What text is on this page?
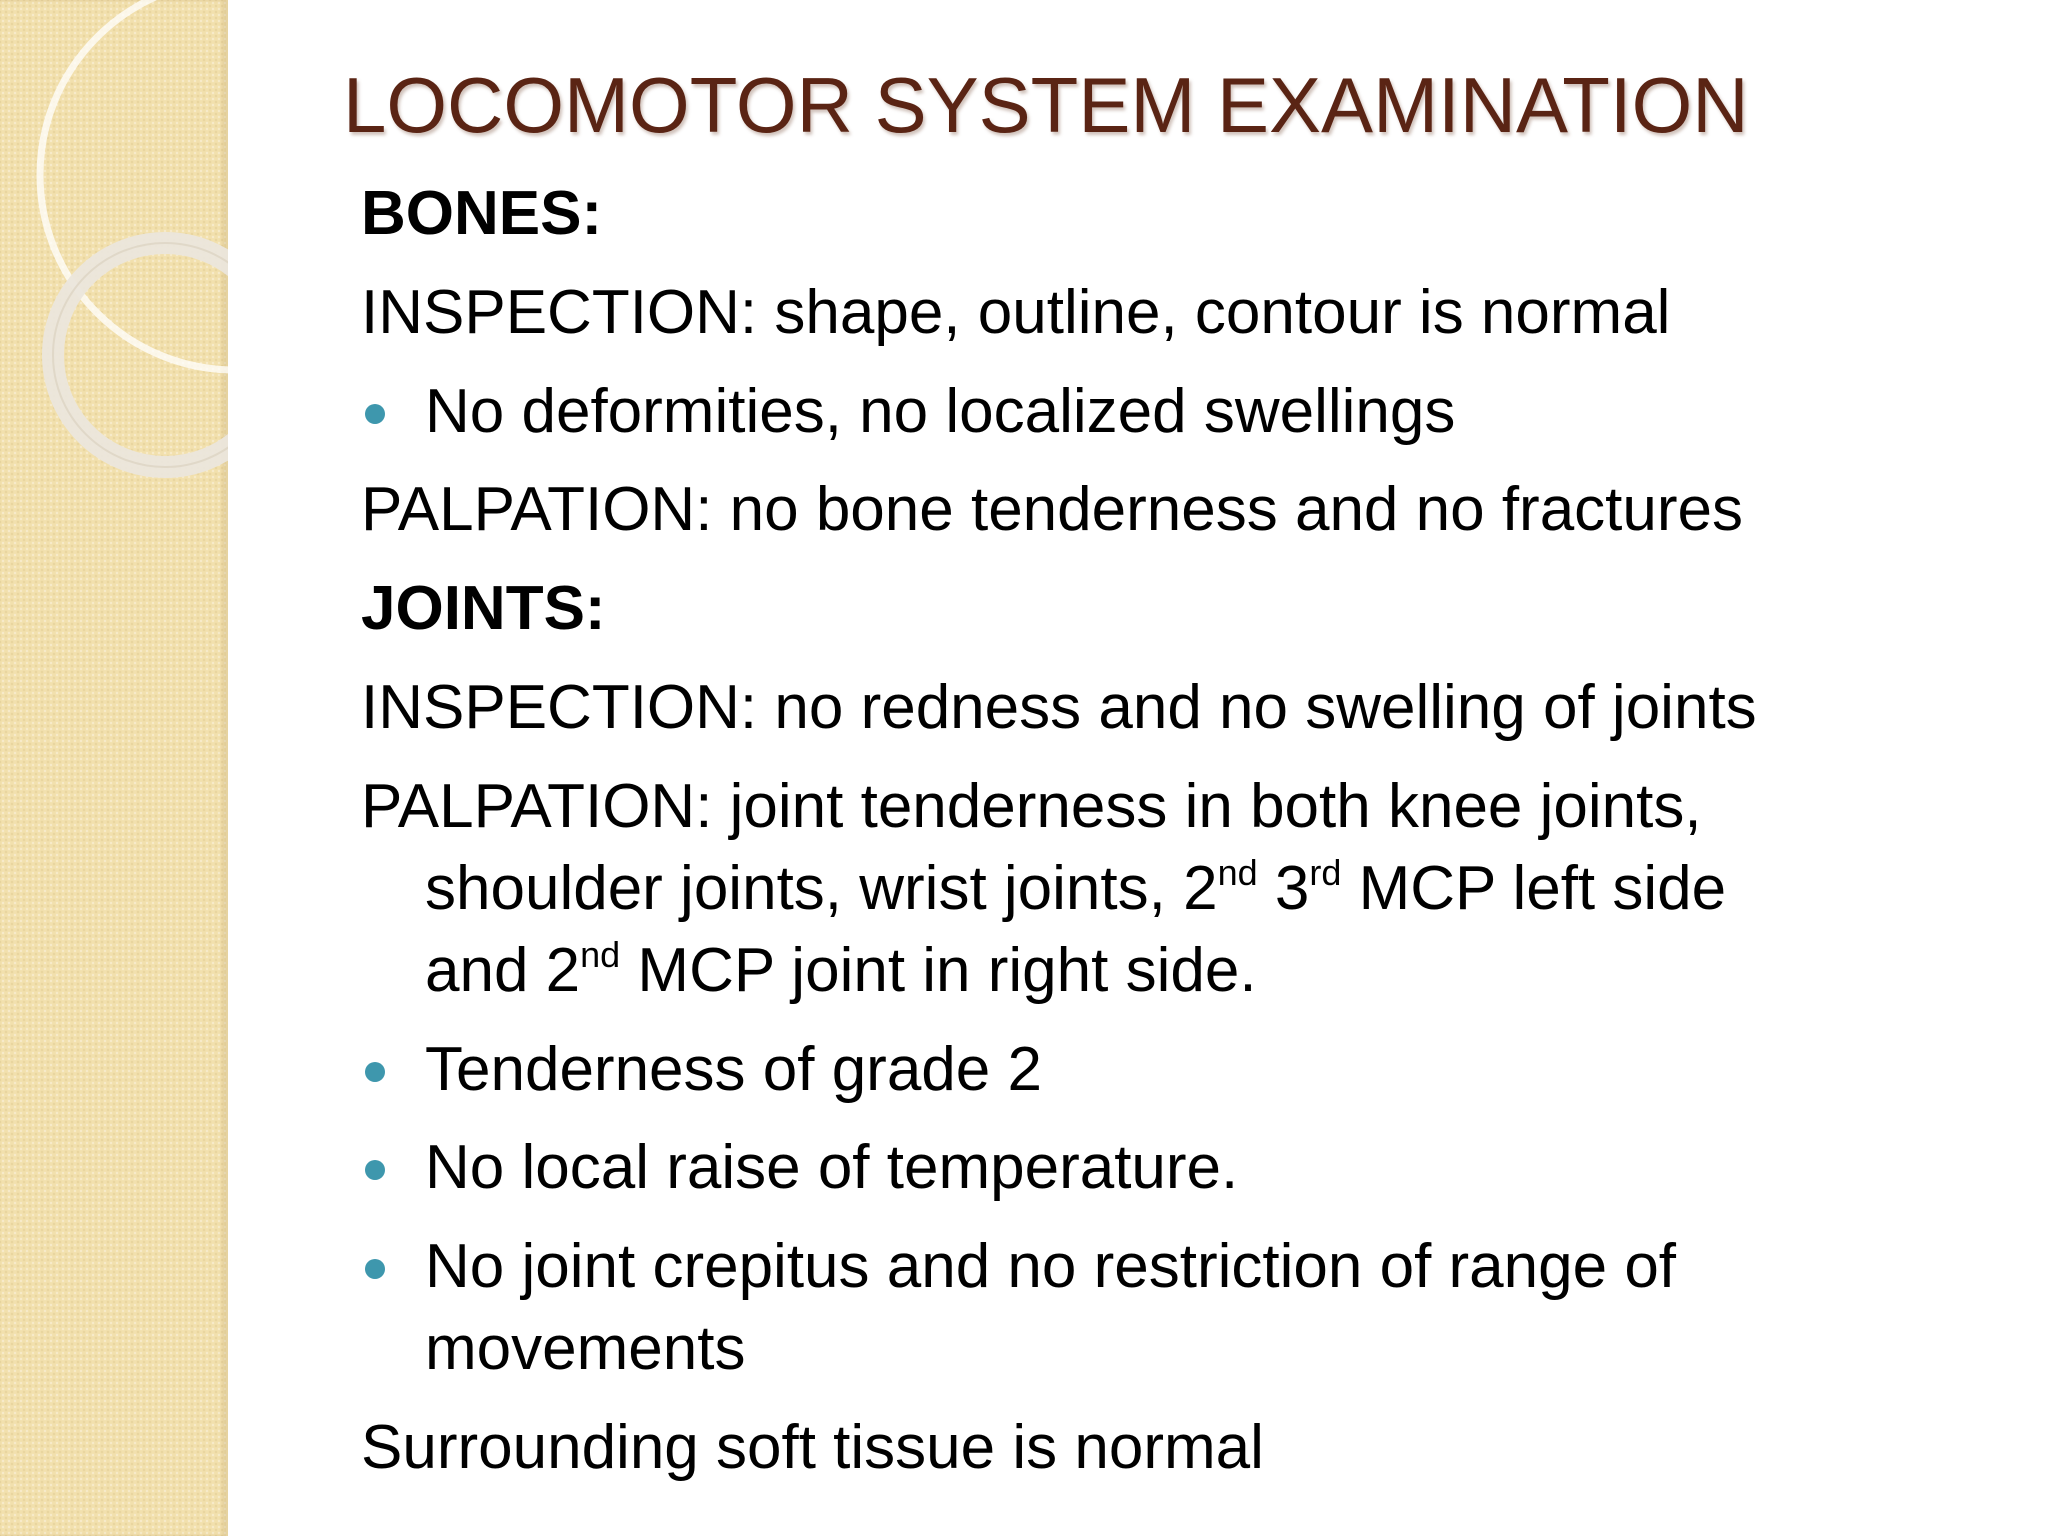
LOCOMOTOR SYSTEM EXAMINATION

BONES:

INSPECTION: shape, outline, contour is normal

No deformities, no localized swellings

PALPATION: no bone tenderness and no fractures

JOINTS:

INSPECTION: no redness and no swelling of joints

PALPATION: joint tenderness in both knee joints,

shoulder joints, wrist joints, 2nd 3rd MCP left side

and 2nd MCP joint in right side.

Tenderness of grade 2
No local raise of temperature.
No joint crepitus and no restriction of range of

movements

Surrounding soft tissue is normal
